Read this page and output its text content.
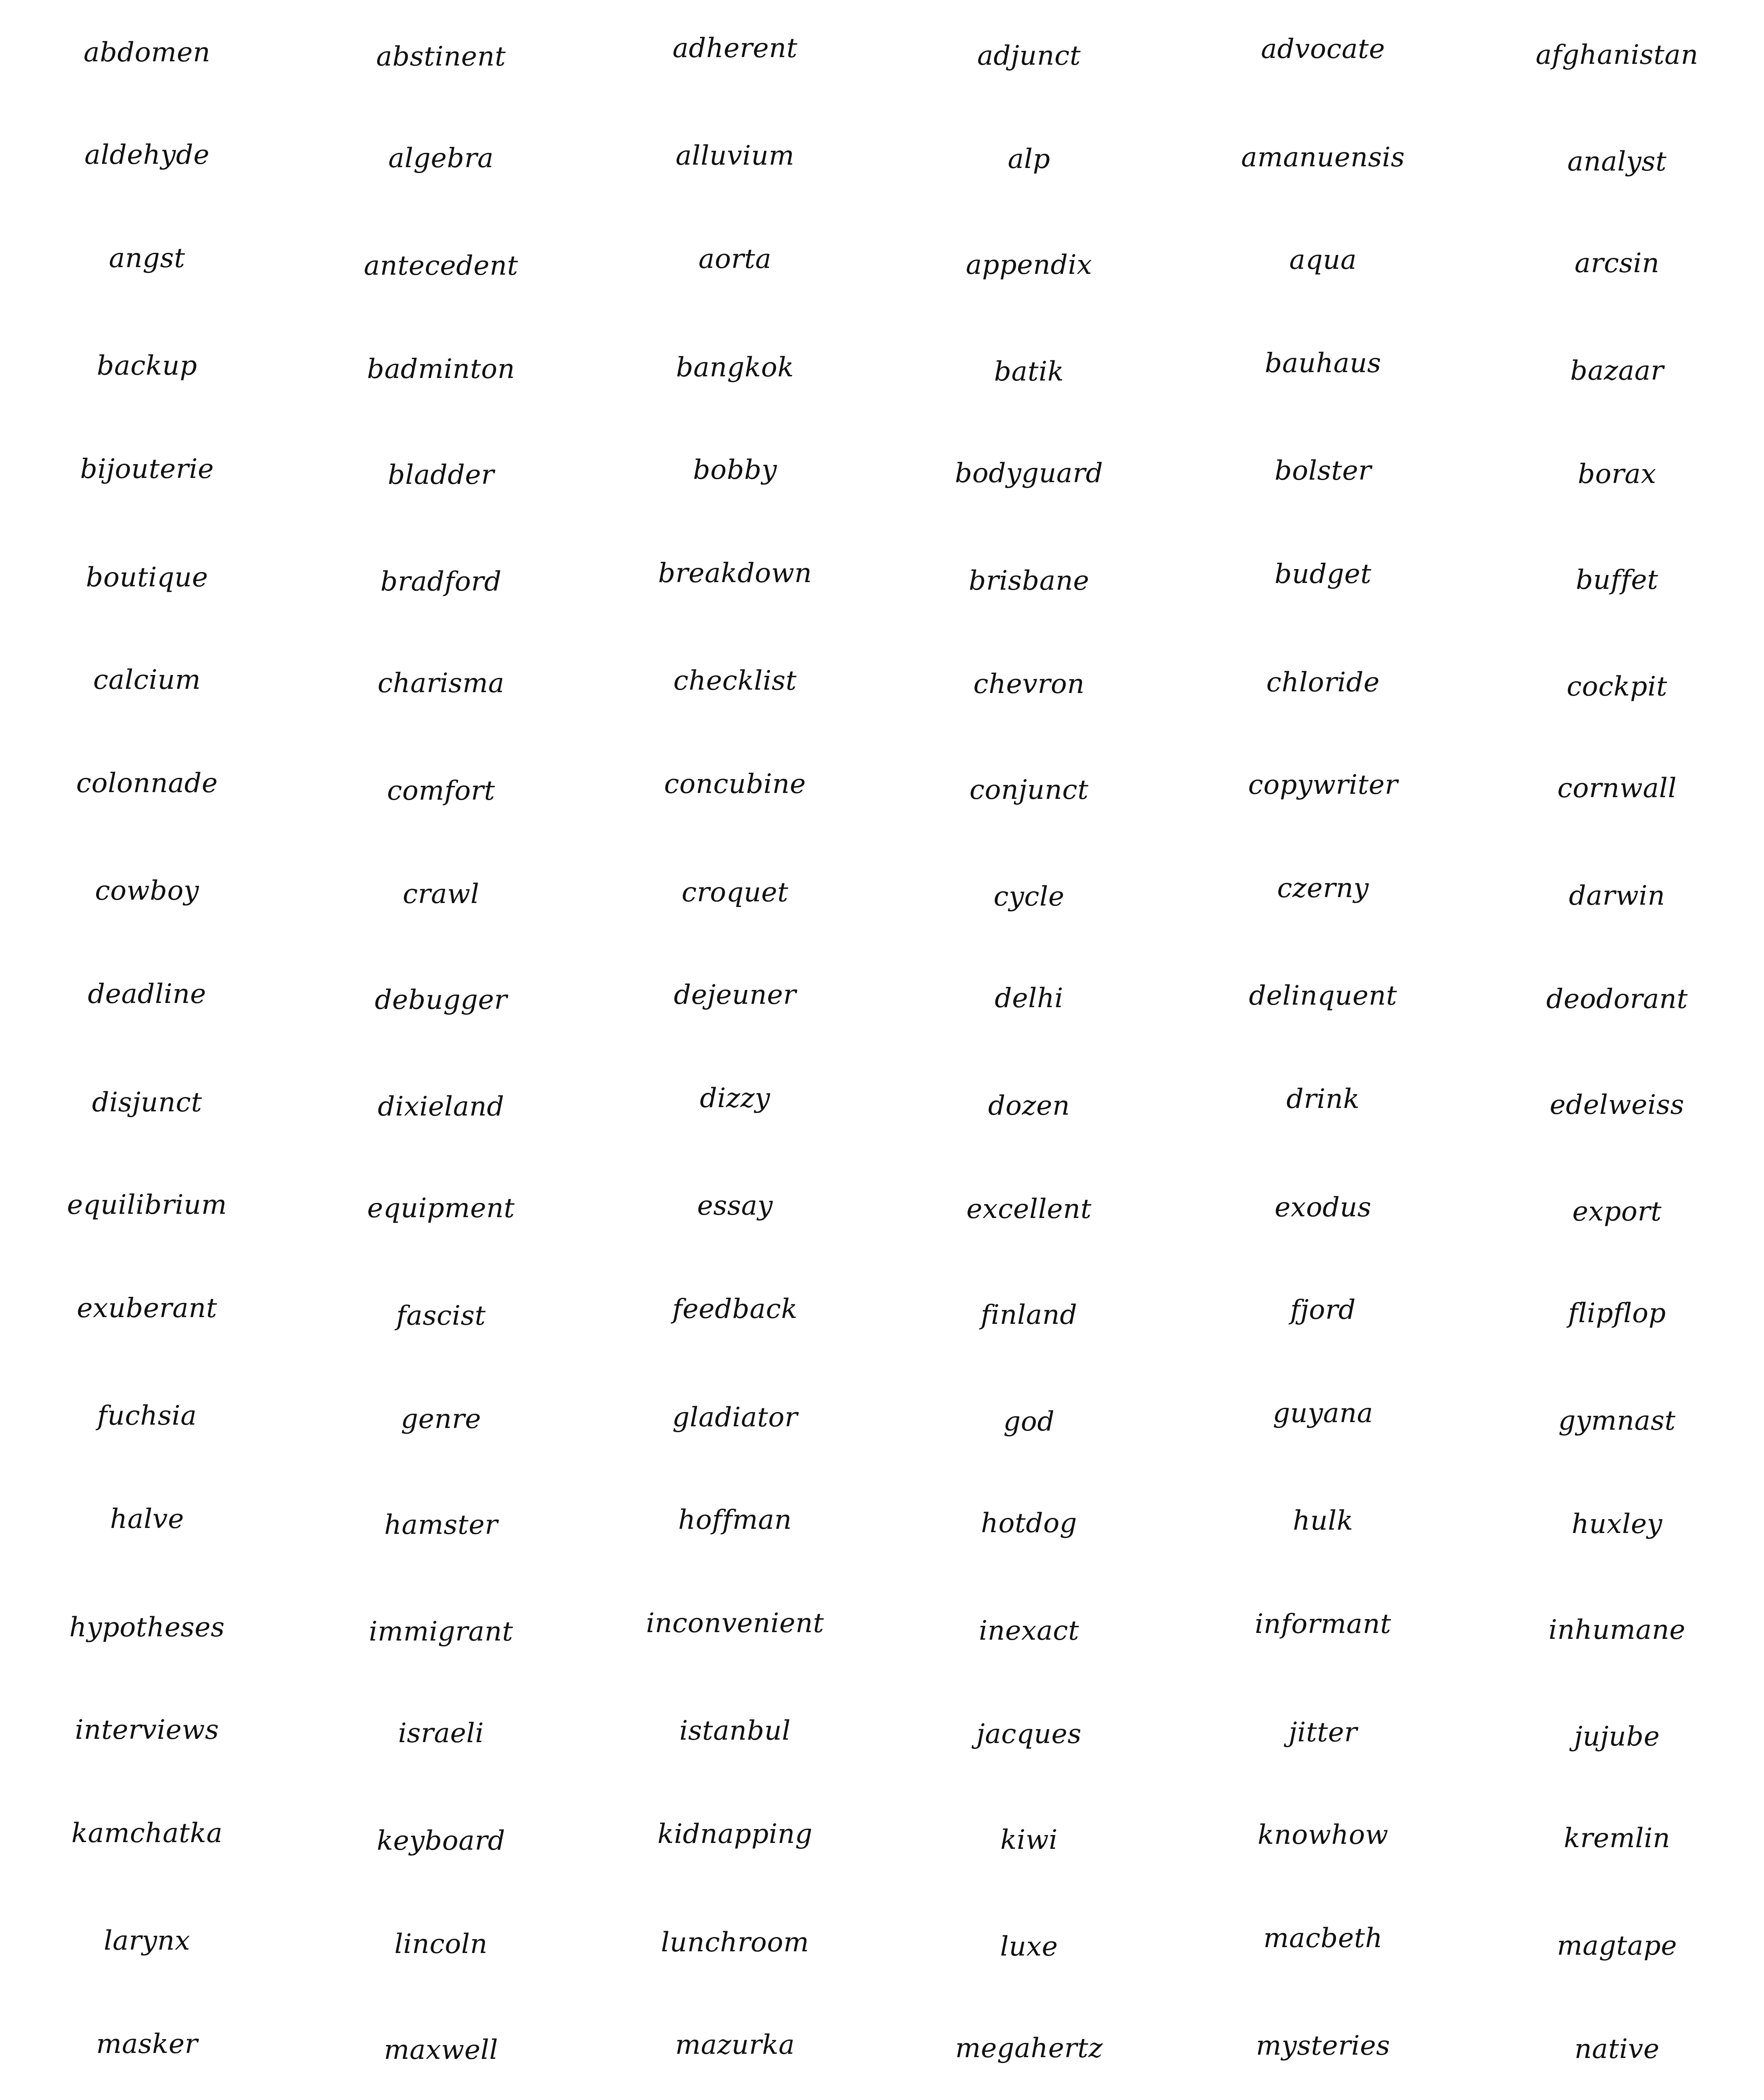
abdomen	abstinent	adherent	adjunct	advocate	afghanistan
aldehyde	algebra	alluvium	alp	amanuensis	analyst
angst	antecedent	aorta	appendix	aqua	arcsin
backup	badminton	bangkok	batik	bauhaus	bazaar
bijouterie	bladder	bobby	bodyguard	bolster	borax
boutique	bradford	breakdown	brisbane	budget	buffet
calcium	charisma	checklist	chevron	chloride	cockpit
colonnade	comfort	concubine	conjunct	copywriter	cornwall
cowboy	crawl	croquet	cycle	czerny	darwin
deadline	debugger	dejeuner	delhi	delinquent	deodorant
disjunct	dixieland	dizzy	dozen	drink	edelweiss
equilibrium	equipment	essay	excellent	exodus	export
exuberant	fascist	feedback	finland	fjord	flipflop
fuchsia	genre	gladiator	god	guyana	gymnast
halve	hamster	hoffman	hotdog	hulk	huxley
hypotheses	immigrant	inconvenient	inexact	informant	inhumane
interviews	israeli	istanbul	jacques	jitter	jujube
kamchatka	keyboard	kidnapping	kiwi	knowhow	kremlin
larynx	lincoln	lunchroom	luxe	macbeth	magtape
masker	maxwell	mazurka	megahertz	mysteries	native
